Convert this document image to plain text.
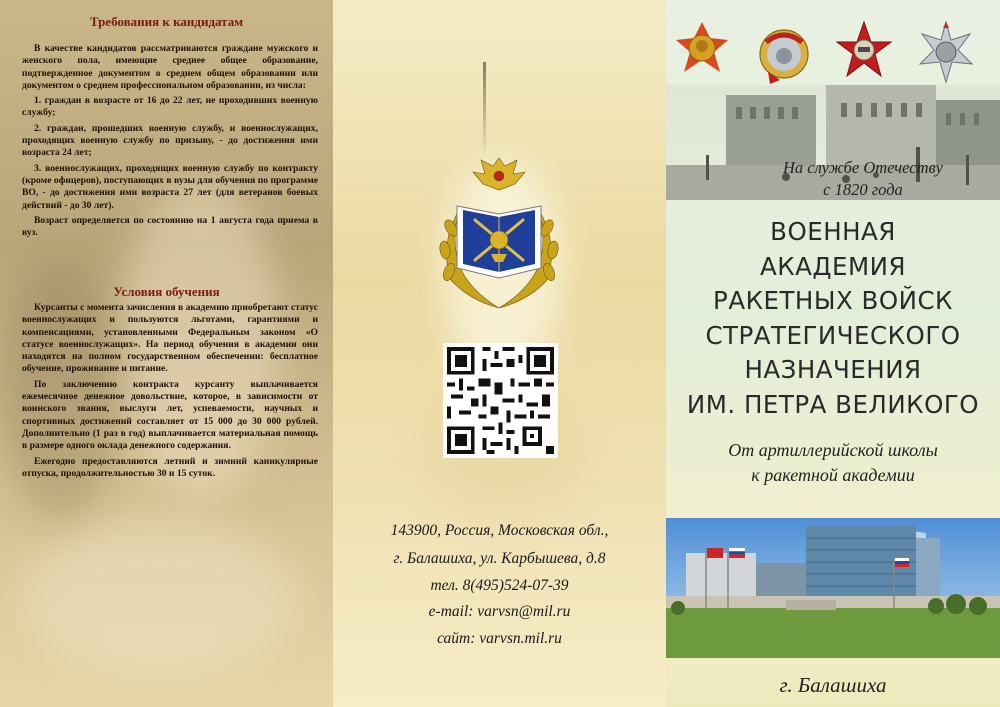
Требования к кандидатам

В качестве кандидатов рассматриваются граждане мужского и женского пола, имеющие среднее общее образование, подтвержденное документом о среднем общем образовании или документом о среднем профессиональном образовании, из числа:

1. граждан в возрасте от 16 до 22 лет, не проходивших военную службу;

2. граждан, прошедших военную службу, и военнослужащих, проходящих военную службу по призыву, - до достижения ими возраста 24 лет;

3. военнослужащих, проходящих военную службу по контракту (кроме офицеров), поступающих в вузы для обучения по программе ВО, - до достижения ими возраста 27 лет (для ветеранов боевых действий - до 30 лет).

Возраст определяется по состоянию на 1 августа года приема в вуз.

Условия обучения

Курсанты с момента зачисления в академию приобретают статус военнослужащих и пользуются льготами, гарантиями и компенсациями, установленными Федеральным законом «О статусе военнослужащих». На период обучения в академии они находятся на полном государственном обеспечении: бесплатное обучение, проживание и питание.

По заключению контракта курсанту выплачивается ежемесячное денежное довольствие, которое, в зависимости от воинского звания, выслуги лет, успеваемости, научных и спортивных достижений составляет от 15 000 до 30 000 рублей. Дополнительно (1 раз в год) выплачивается материальная помощь в размере одного оклада денежного содержания.

Ежегодно предоставляются летний и зимний каникулярные отпуска, продолжительностью 30 и 15 суток.

143900, Россия, Московская обл.,
г. Балашиха, ул. Карбышева, д.8
тел. 8(495)524-07-39
e-mail: varvsn@mil.ru
сайт: varvsn.mil.ru
На службе Отечеству
с 1820 года
ВОЕННАЯ
АКАДЕМИЯ
РАКЕТНЫХ ВОЙСК
СТРАТЕГИЧЕСКОГО
НАЗНАЧЕНИЯ
ИМ. ПЕТРА ВЕЛИКОГО
От артиллерийской школы
к ракетной академии
г. Балашиха
